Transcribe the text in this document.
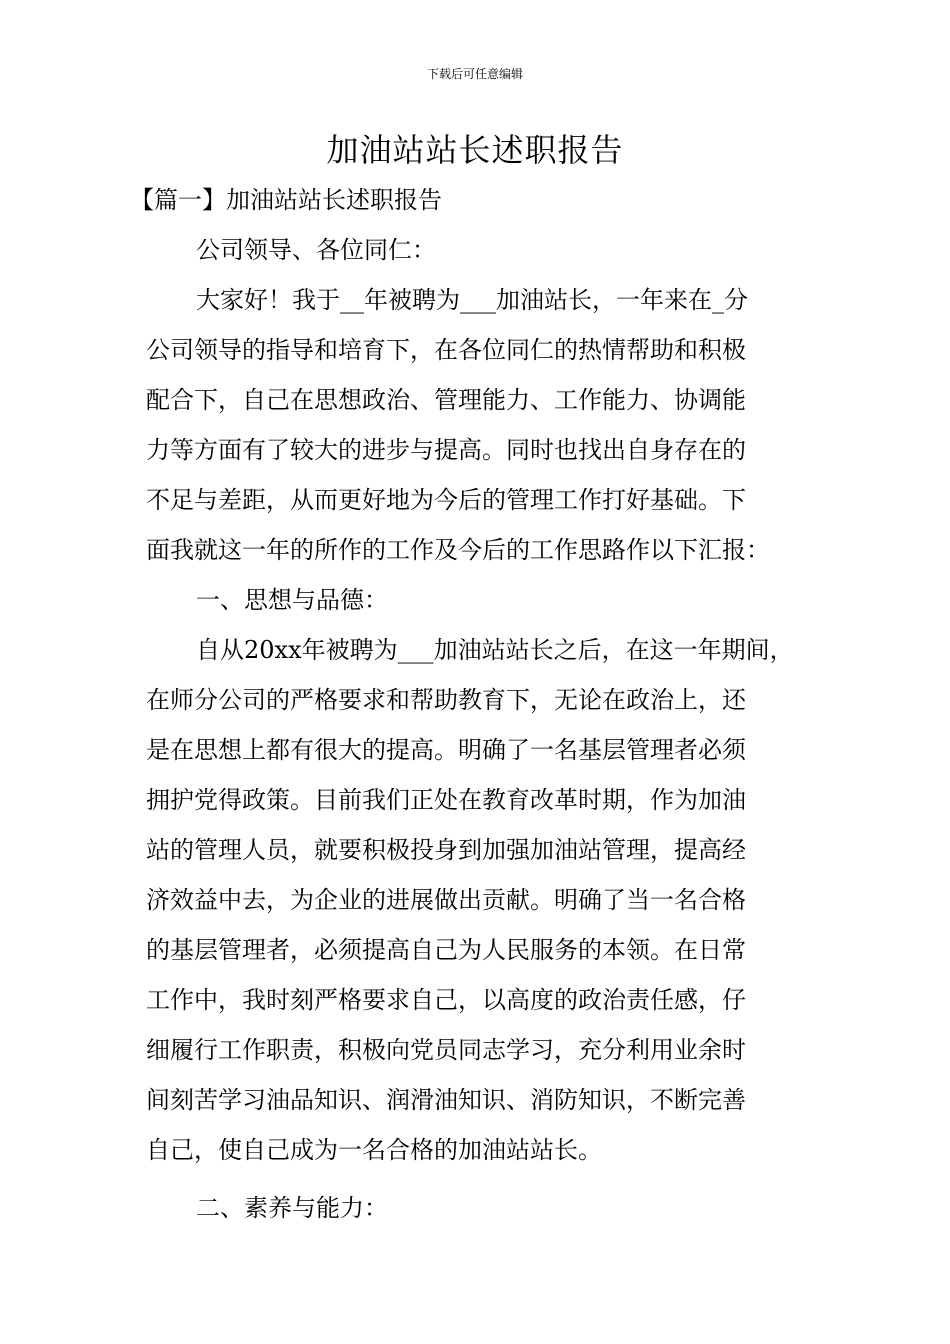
下载后可任意编辑
加油站站长述职报告
【篇一】加油站站长述职报告
公司领导、各位同仁：
大家好！我于__年被聘为___加油站长，一年来在_分
公司领导的指导和培育下，在各位同仁的热情帮助和积极
配合下，自己在思想政治、管理能力、工作能力、协调能
力等方面有了较大的进步与提高。同时也找出自身存在的
不足与差距，从而更好地为今后的管理工作打好基础。下
面我就这一年的所作的工作及今后的工作思路作以下汇报：
一、思想与品德：
自从20xx年被聘为___加油站站长之后，在这一年期间，
在师分公司的严格要求和帮助教育下，无论在政治上，还
是在思想上都有很大的提高。明确了一名基层管理者必须
拥护党得政策。目前我们正处在教育改革时期，作为加油
站的管理人员，就要积极投身到加强加油站管理，提高经
济效益中去，为企业的进展做出贡献。明确了当一名合格
的基层管理者，必须提高自己为人民服务的本领。在日常
工作中，我时刻严格要求自己，以高度的政治责任感，仔
细履行工作职责，积极向党员同志学习，充分利用业余时
间刻苦学习油品知识、润滑油知识、消防知识，不断完善
自己，使自己成为一名合格的加油站站长。
二、素养与能力：
